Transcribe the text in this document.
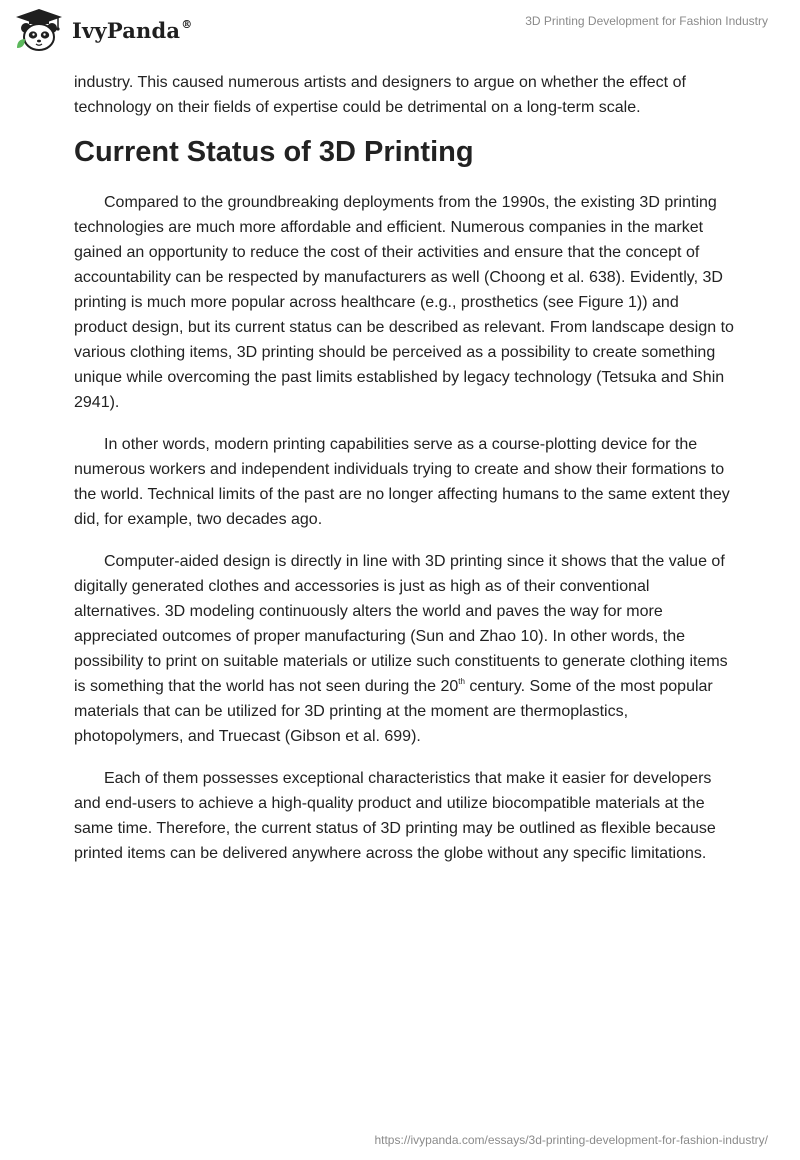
IvyPanda®	3D Printing Development for Fashion Industry

industry. This caused numerous artists and designers to argue on whether the effect of technology on their fields of expertise could be detrimental on a long-term scale.

Current Status of 3D Printing

Compared to the groundbreaking deployments from the 1990s, the existing 3D printing technologies are much more affordable and efficient. Numerous companies in the market gained an opportunity to reduce the cost of their activities and ensure that the concept of accountability can be respected by manufacturers as well (Choong et al. 638). Evidently, 3D printing is much more popular across healthcare (e.g., prosthetics (see Figure 1)) and product design, but its current status can be described as relevant. From landscape design to various clothing items, 3D printing should be perceived as a possibility to create something unique while overcoming the past limits established by legacy technology (Tetsuka and Shin 2941).

In other words, modern printing capabilities serve as a course-plotting device for the numerous workers and independent individuals trying to create and show their formations to the world. Technical limits of the past are no longer affecting humans to the same extent they did, for example, two decades ago.

Computer-aided design is directly in line with 3D printing since it shows that the value of digitally generated clothes and accessories is just as high as of their conventional alternatives. 3D modeling continuously alters the world and paves the way for more appreciated outcomes of proper manufacturing (Sun and Zhao 10). In other words, the possibility to print on suitable materials or utilize such constituents to generate clothing items is something that the world has not seen during the 20th century. Some of the most popular materials that can be utilized for 3D printing at the moment are thermoplastics, photopolymers, and Truecast (Gibson et al. 699).

Each of them possesses exceptional characteristics that make it easier for developers and end-users to achieve a high-quality product and utilize biocompatible materials at the same time. Therefore, the current status of 3D printing may be outlined as flexible because printed items can be delivered anywhere across the globe without any specific limitations.

https://ivypanda.com/essays/3d-printing-development-for-fashion-industry/
